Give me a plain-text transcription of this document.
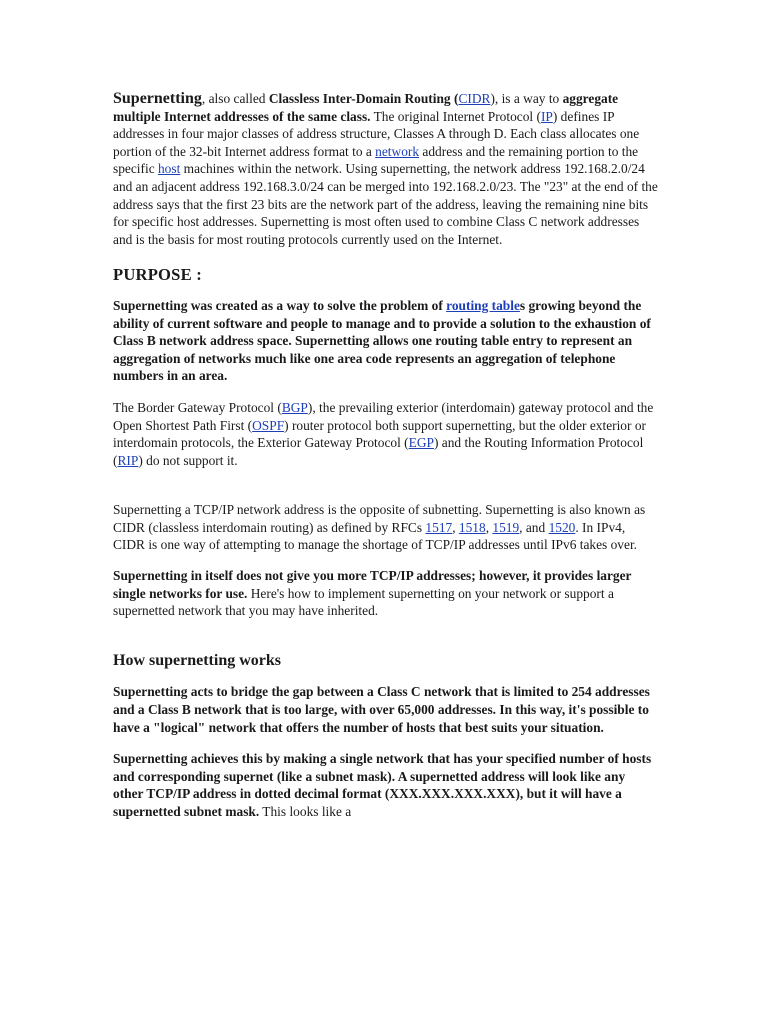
Supernetting, also called Classless Inter-Domain Routing (CIDR), is a way to aggregate multiple Internet addresses of the same class. The original Internet Protocol (IP) defines IP addresses in four major classes of address structure, Classes A through D. Each class allocates one portion of the 32-bit Internet address format to a network address and the remaining portion to the specific host machines within the network. Using supernetting, the network address 192.168.2.0/24 and an adjacent address 192.168.3.0/24 can be merged into 192.168.2.0/23. The "23" at the end of the address says that the first 23 bits are the network part of the address, leaving the remaining nine bits for specific host addresses. Supernetting is most often used to combine Class C network addresses and is the basis for most routing protocols currently used on the Internet.

PURPOSE :

Supernetting was created as a way to solve the problem of routing tables growing beyond the ability of current software and people to manage and to provide a solution to the exhaustion of Class B network address space. Supernetting allows one routing table entry to represent an aggregation of networks much like one area code represents an aggregation of telephone numbers in an area.

The Border Gateway Protocol (BGP), the prevailing exterior (interdomain) gateway protocol and the Open Shortest Path First (OSPF) router protocol both support supernetting, but the older exterior or interdomain protocols, the Exterior Gateway Protocol (EGP) and the Routing Information Protocol (RIP) do not support it.

Supernetting a TCP/IP network address is the opposite of subnetting. Supernetting is also known as CIDR (classless interdomain routing) as defined by RFCs 1517, 1518, 1519, and 1520. In IPv4, CIDR is one way of attempting to manage the shortage of TCP/IP addresses until IPv6 takes over.

Supernetting in itself does not give you more TCP/IP addresses; however, it provides larger single networks for use. Here's how to implement supernetting on your network or support a supernetted network that you may have inherited.

How supernetting works

Supernetting acts to bridge the gap between a Class C network that is limited to 254 addresses and a Class B network that is too large, with over 65,000 addresses. In this way, it's possible to have a "logical" network that offers the number of hosts that best suits your situation.

Supernetting achieves this by making a single network that has your specified number of hosts and corresponding supernet (like a subnet mask). A supernetted address will look like any other TCP/IP address in dotted decimal format (XXX.XXX.XXX.XXX), but it will have a supernetted subnet mask. This looks like a
